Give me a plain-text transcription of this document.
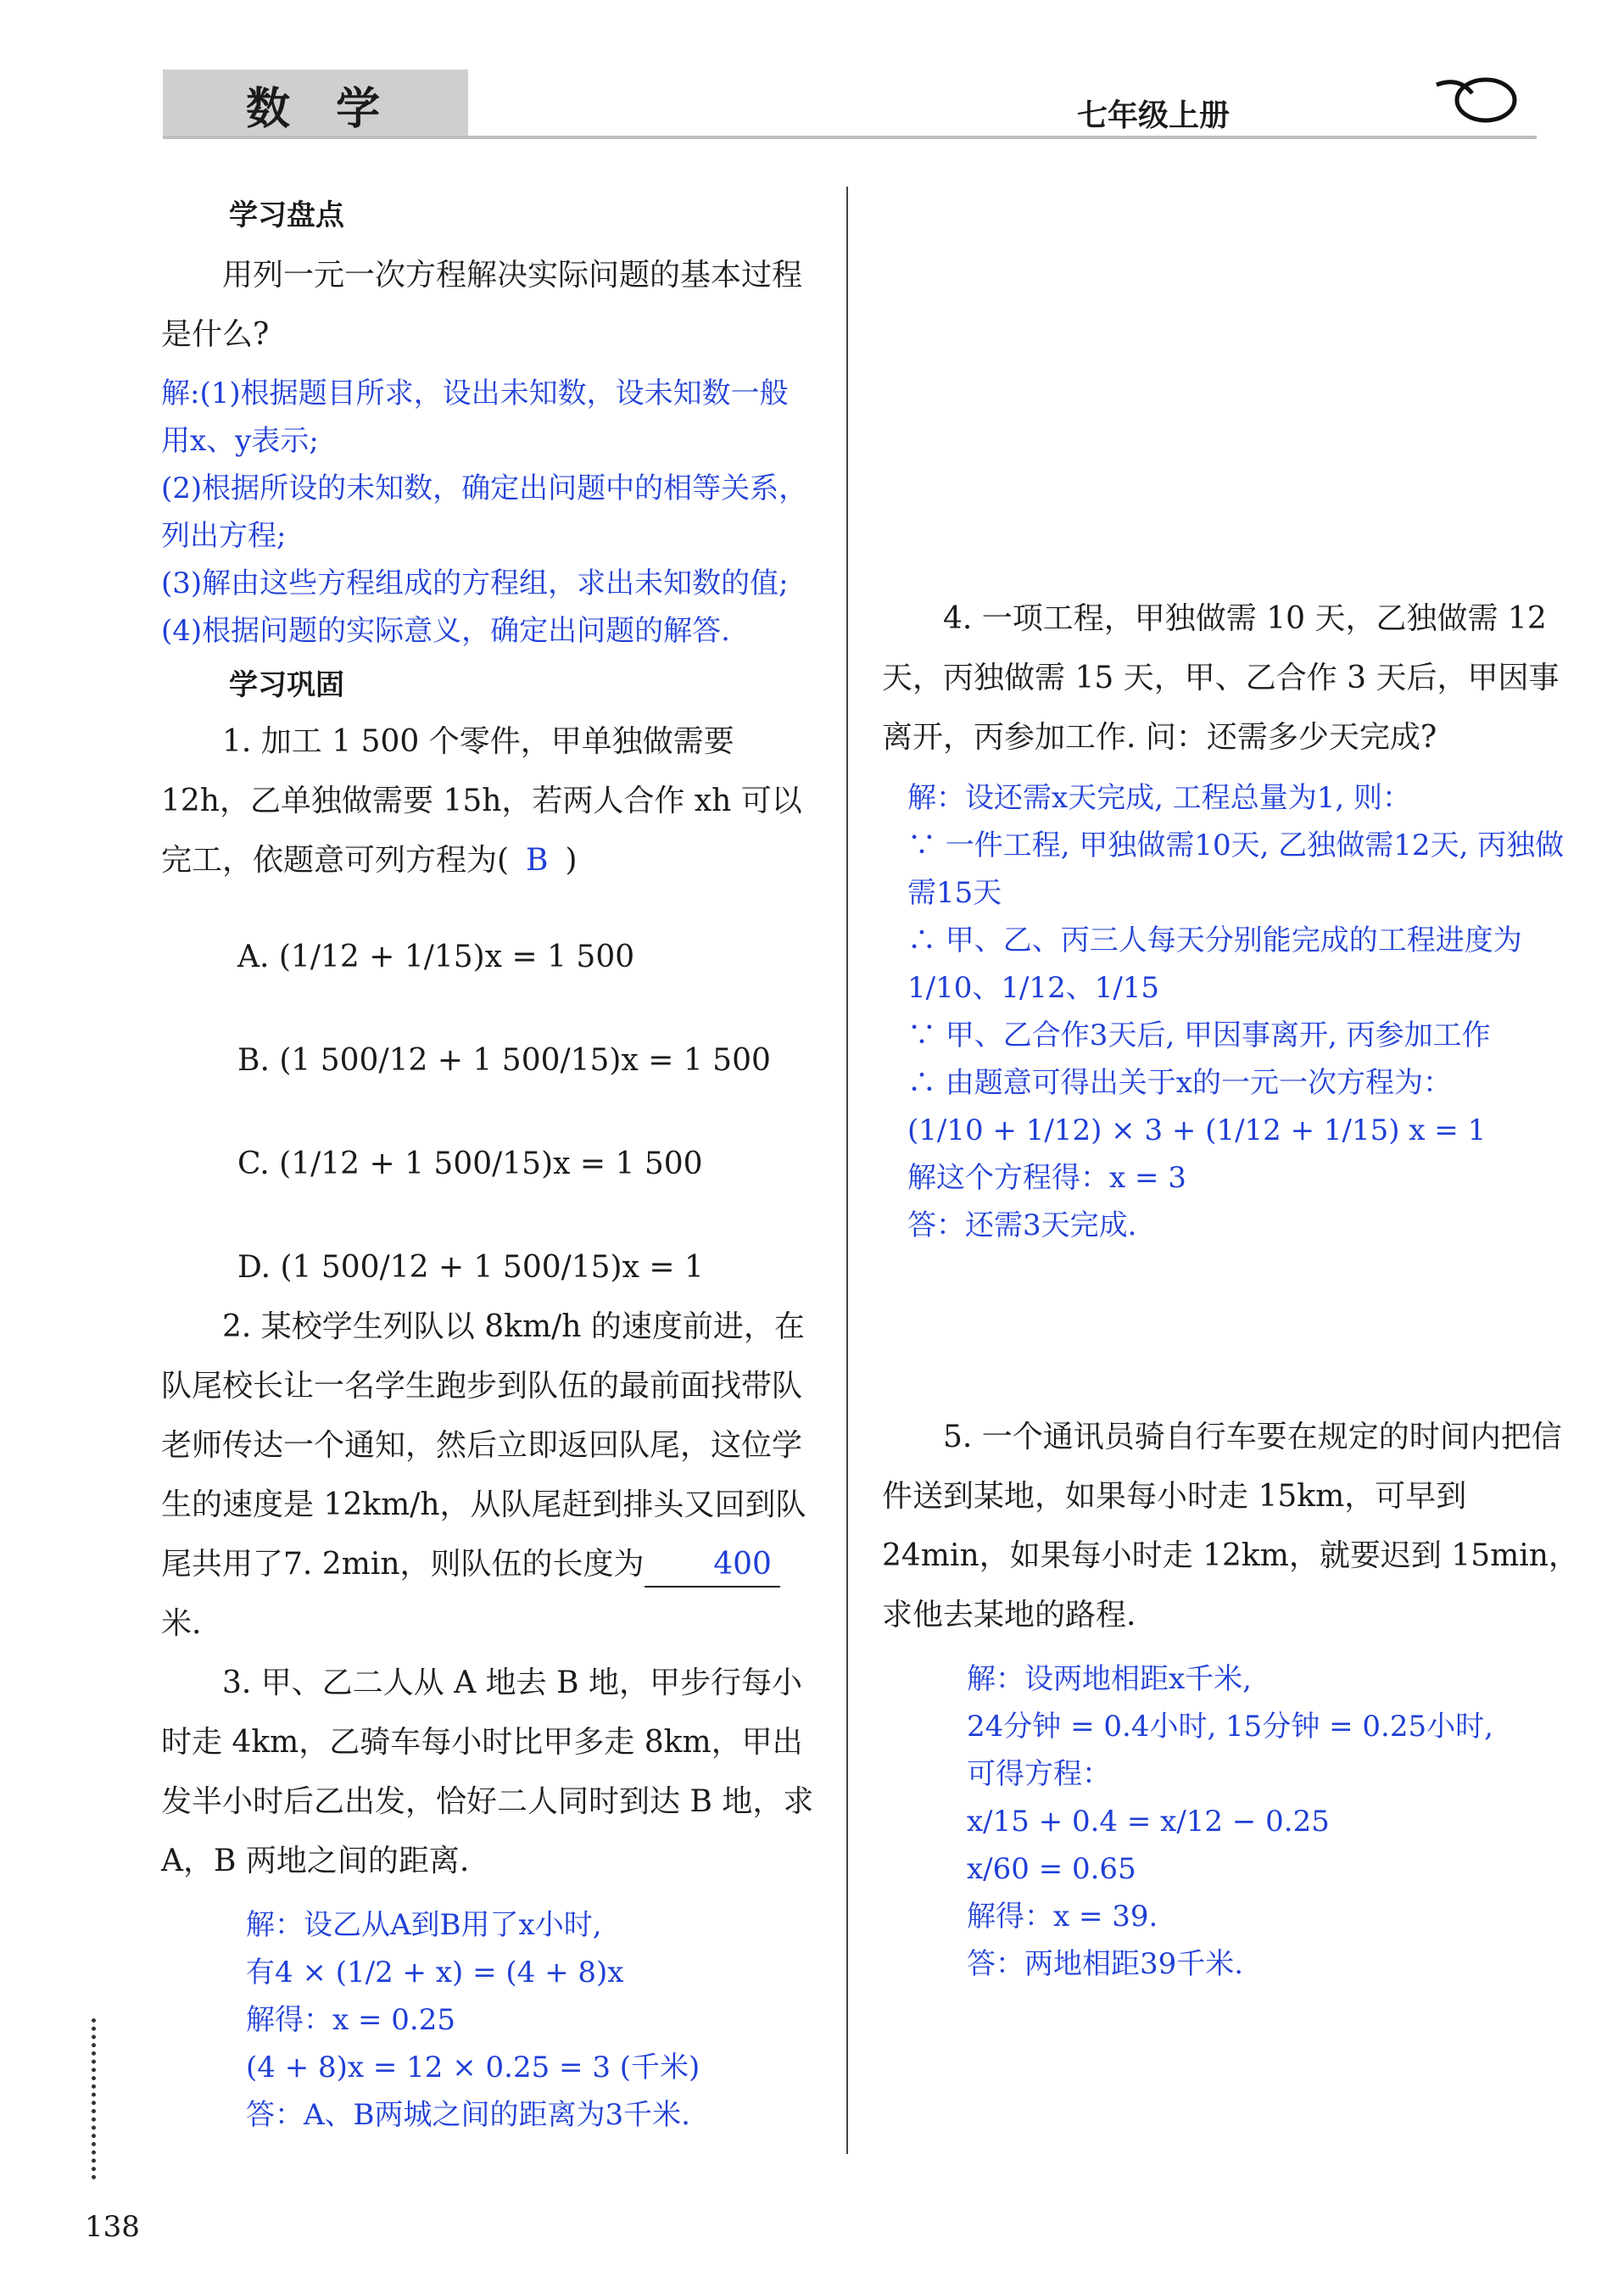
数 学	七年级上册
学习盘点

用列一元一次方程解决实际问题的基本过程是什么?

解:(1)根据题目所求，设出未知数，设未知数一般用x、y表示;

(2)根据所设的未知数，确定出问题中的相等关系，列出方程;

(3)解由这些方程组成的方程组，求出未知数的值;

(4)根据问题的实际意义，确定出问题的解答.

学习巩固

1. 加工 1 500 个零件，甲单独做需要 12h，乙单独做需要 15h，若两人合作 xh 可以完工，依题意可列方程为( B )

A. (1/12 + 1/15)x = 1 500

B. (1 500/12 + 1 500/15)x = 1 500

C. (1/12 + 1 500/15)x = 1 500

D. (1 500/12 + 1 500/15)x = 1

2. 某校学生列队以 8km/h 的速度前进，在队尾校长让一名学生跑步到队伍的最前面找带队老师传达一个通知，然后立即返回队尾，这位学生的速度是 12km/h，从队尾赶到排头又回到队尾共用了7. 2min，则队伍的长度为 400米.

3. 甲、乙二人从 A 地去 B 地，甲步行每小时走 4km，乙骑车每小时比甲多走 8km，甲出发半小时后乙出发，恰好二人同时到达 B 地，求 A，B 两地之间的距离.

解：设乙从A到B用了x小时,

有4 × (1/2 + x) = (4 + 8)x

解得：x = 0.25

(4 + 8)x = 12 × 0.25 = 3 (千米)

答：A、B两城之间的距离为3千米.

4. 一项工程，甲独做需 10 天，乙独做需 12 天，丙独做需 15 天，甲、乙合作 3 天后，甲因事离开，丙参加工作. 问：还需多少天完成?

解：设还需x天完成, 工程总量为1, 则：

∵ 一件工程, 甲独做需10天, 乙独做需12天, 丙独做需15天

∴ 甲、乙、丙三人每天分别能完成的工程进度为 1/10、1/12、1/15

∵ 甲、乙合作3天后, 甲因事离开, 丙参加工作

∴ 由题意可得出关于x的一元一次方程为：

(1/10 + 1/12) × 3 + (1/12 + 1/15) x = 1

解这个方程得：x = 3

答：还需3天完成.

5. 一个通讯员骑自行车要在规定的时间内把信件送到某地，如果每小时走 15km，可早到 24min，如果每小时走 12km，就要迟到 15min，求他去某地的路程.

解：设两地相距x千米,

24分钟 = 0.4小时, 15分钟 = 0.25小时,

可得方程：

x/15 + 0.4 = x/12 − 0.25

x/60 = 0.65

解得：x = 39.

答：两地相距39千米.

138
